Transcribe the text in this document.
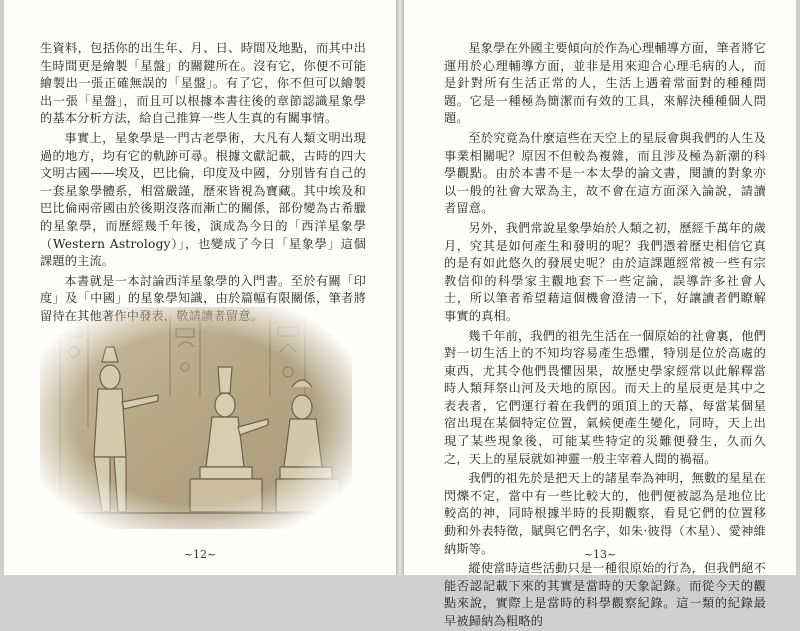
生資料，包括你的出生年、月、日、時間及地點，而其中出生時間更是繪製「星盤」的關鍵所在。沒有它，你便不可能繪製出一張正確無誤的「星盤」。有了它，你不但可以繪製出一張「星盤」，而且可以根據本書往後的章節認識星象學的基本分析方法，給自己推算一些人生真的有關事情。

事實上，星象學是一門古老學術，大凡有人類文明出現過的地方，均有它的軌跡可尋。根據文獻記載，古時的四大文明古國——埃及，巴比倫，印度及中國，分別皆有自己的一套星象學體系，相當嚴謹，歷來皆視為寶藏。其中埃及和巴比倫兩帝國由於後期沒落而漸亡的關係，部份變為古希臘的星象學，而歷經幾千年後，演成為今日的「西洋星象學（Western Astrology）」，也變成了今日「星象學」這個課題的主流。

本書就是一本討論西洋星象學的入門書。至於有關「印度」及「中國」的星象學知識，由於篇幅有限關係，筆者將

~12~

星象學在外國主要傾向於作為心理輔導方面，筆者將它運用於心理輔導方面，並非是用來迎合心理毛病的人，而是針對所有生活正常的人，生活上遇着常面對的種種問題。它是一種極為簡潔而有效的工具，來解決種種個人問題。

至於究竟為什麼這些在天空上的星辰會與我們的人生及事業相關呢？原因不但較為複雜，而且涉及極為新潮的科學觀點。由於本書不是一本太學的論文書，閱讀的對象亦以一般的社會大眾為主，故不會在這方面深入論說，請讀者留意。

另外，我們常說星象學始於人類之初，歷經千萬年的歲月，究其是如何產生和發明的呢？我們憑着歷史相信它真的是有如此悠久的發展史呢？由於這課題經常被一些有宗教信仰的科學家主觀地套下一些定論，誤導許多社會人士，所以筆者希望藉這個機會澄清一下，好讓讀者們瞭解事實的真相。

幾千年前，我們的祖先生活在一個原始的社會裏，他們對一切生活上的不知均容易產生恐懼，特別是位於高處的東西，尤其令他們畏懼因果，故歷史學家經常以此解釋當時人類拜祭山河及天地的原因。而天上的星辰更是其中之表表者，它們運行着在我們的頭頂上的天幕，每當某個星宿出現在某個特定位置，氣候便產生變化，同時，天上出現了某些現象後，可能某些特定的災難便發生，久而久之，天上的星辰就如神靈一般主宰着人間的禍福。

我們的祖先於是把天上的諸星奉為神明，無數的星星在閃爍不定，當中有一些比較大的，他們便被認為是地位比較高的神，同時根據半時的長期觀察，看見它們的位置移動和外表特徵，賦與它們名字，如朱·彼得（木星）、愛神維納斯等。

縱使當時這些活動只是一種很原始的行為，但我們絕不能否認記載下來的其實是當時的天象記錄。而從今天的觀點來說，實際上是當時的科學觀察紀錄。這一類的紀錄最早被歸納為粗略的

~13~
